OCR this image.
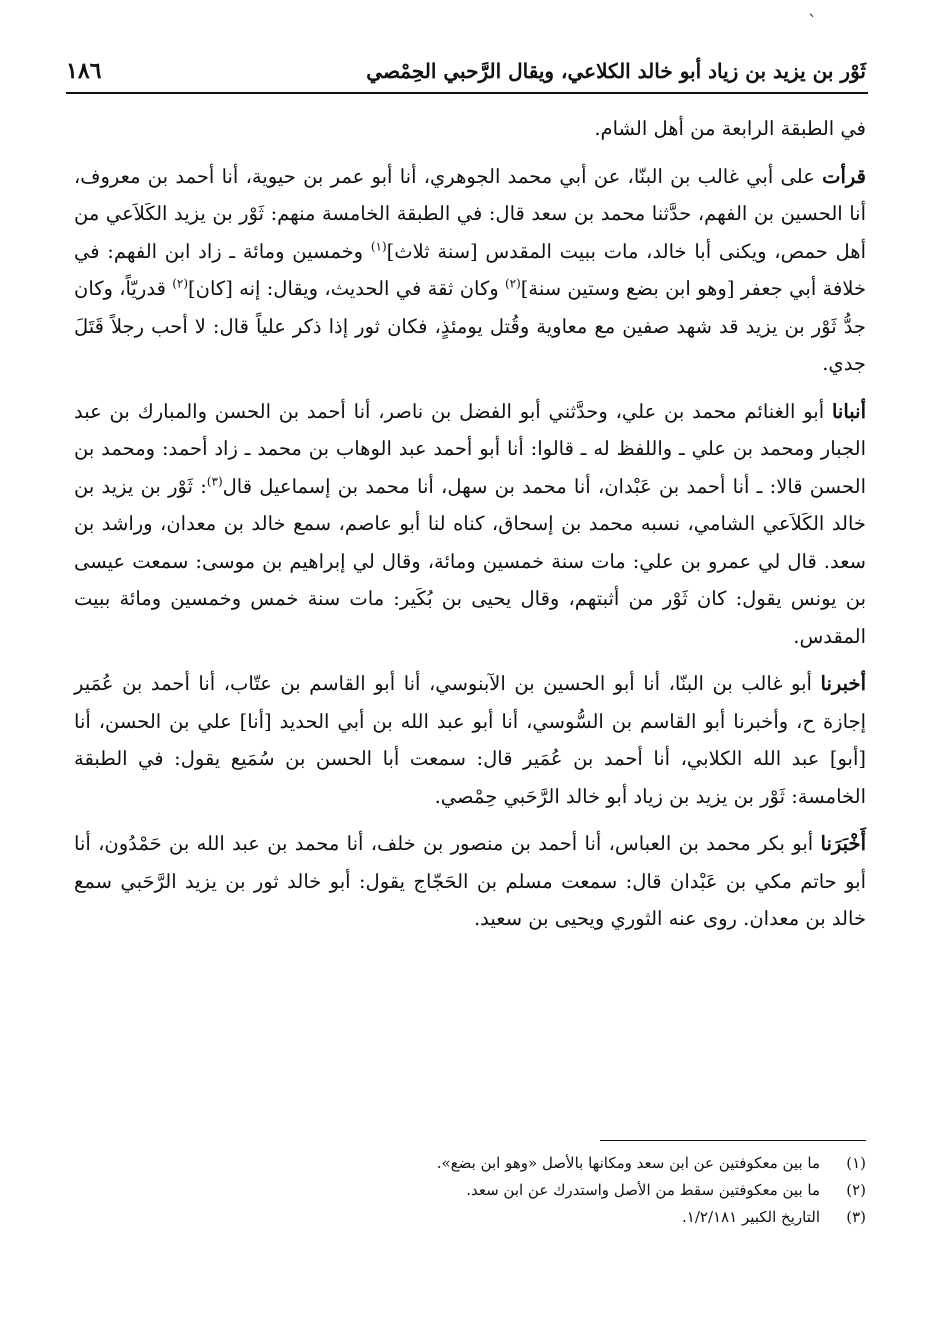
`
١٨٦	ثَوْر بن يزيد بن زياد أبو خالد الكلاعي، ويقال الرَّحبي الحِمْصي

في الطبقة الرابعة من أهل الشام.

قرأت على أبي غالب بن البنّا، عن أبي محمد الجوهري، أنا أبو عمر بن حيوية، أنا أحمد بن معروف، أنا الحسين بن الفهم، حدَّثنا محمد بن سعد قال: في الطبقة الخامسة منهم: ثَوْر بن يزيد الكَلاَعي من أهل حمص، ويكنى أبا خالد، مات ببيت المقدس [سنة ثلاث]$^{(١)}$ وخمسين ومائة ـ زاد ابن الفهم: في خلافة أبي جعفر [وهو ابن بضع وستين سنة]$^{(٢)}$ وكان ثقة في الحديث، ويقال: إنه [كان]$^{(٢)}$ قدريّاً، وكان جدُّ ثَوْر بن يزيد قد شهد صفين مع معاوية وقُتل يومئذٍ، فكان ثور إذا ذكر علياً قال: لا أحب رجلاً قَتَلَ جدي.

أنبانا أبو الغنائم محمد بن علي، وحدَّثني أبو الفضل بن ناصر، أنا أحمد بن الحسن والمبارك بن عبد الجبار ومحمد بن علي ـ واللفظ له ـ قالوا: أنا أبو أحمد عبد الوهاب بن محمد ـ زاد أحمد: ومحمد بن الحسن قالا: ـ أنا أحمد بن عَبْدان، أنا محمد بن سهل، أنا محمد بن إسماعيل قال$^{(٣)}$: ثَوْر بن يزيد بن خالد الكَلاَعي الشامي، نسبه محمد بن إسحاق، كناه لنا أبو عاصم، سمع خالد بن معدان، وراشد بن سعد. قال لي عمرو بن علي: مات سنة خمسين ومائة، وقال لي إبراهيم بن موسى: سمعت عيسى بن يونس يقول: كان ثَوْر من أثبتهم، وقال يحيى بن بُكَير: مات سنة خمس وخمسين ومائة ببيت المقدس.

أخبرنا أبو غالب بن البنّا، أنا أبو الحسين بن الآبنوسي، أنا أبو القاسم بن عتّاب، أنا أحمد بن عُمَير إجازة ح، وأخبرنا أبو القاسم بن السُّوسي، أنا أبو عبد الله بن أبي الحديد [أنا] علي بن الحسن، أنا [أبو] عبد الله الكلابي، أنا أحمد بن عُمَير قال: سمعت أبا الحسن بن سُمَيع يقول: في الطبقة الخامسة: ثَوْر بن يزيد بن زياد أبو خالد الرَّحَبي حِمْصي.

أَخْبَرَنا أبو بكر محمد بن العباس، أنا أحمد بن منصور بن خلف، أنا محمد بن عبد الله بن حَمْدُون، أنا أبو حاتم مكي بن عَبْدان قال: سمعت مسلم بن الحَجّاج يقول: أبو خالد ثور بن يزيد الرَّحَبي سمع خالد بن معدان. روى عنه الثوري ويحيى بن سعيد.

(١)
ما بين معكوفتين عن ابن سعد ومكانها بالأصل «وهو ابن بضع».
(٢)
ما بين معكوفتين سقط من الأصل واستدرك عن ابن سعد.
(٣)
التاريخ الكبير ١/٢/١٨١.
